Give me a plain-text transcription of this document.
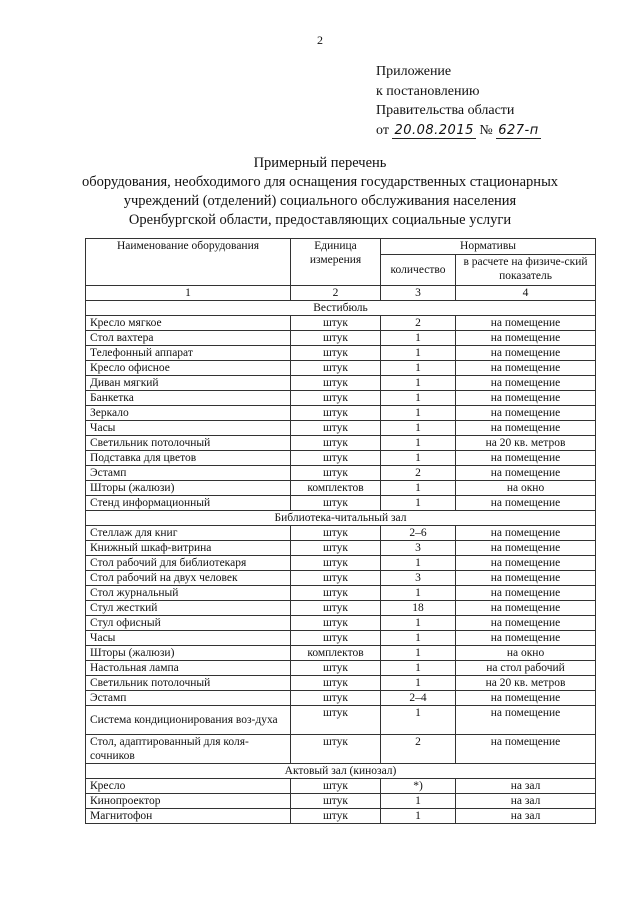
2
Приложение
к постановлению
Правительства области
от 20.08.2015 № 627-п
Примерный перечень
оборудования, необходимого для оснащения государственных стационарных
учреждений (отделений) социального обслуживания населения
Оренбургской области, предоставляющих социальные услуги
Наименование оборудования	Единица измерения	Нормативы	
		количество	в расчете на физиче-ский показатель
1	2	3	4
Вестибюль			
Кресло мягкое	штук	2	на помещение
Стол вахтера	штук	1	на помещение
Телефонный аппарат	штук	1	на помещение
Кресло офисное	штук	1	на помещение
Диван мягкий	штук	1	на помещение
Банкетка	штук	1	на помещение
Зеркало	штук	1	на помещение
Часы	штук	1	на помещение
Светильник потолочный	штук	1	на 20 кв. метров
Подставка для цветов	штук	1	на помещение
Эстамп	штук	2	на помещение
Шторы (жалюзи)	комплектов	1	на окно
Стенд информационный	штук	1	на помещение
Библиотека-читальный зал			
Стеллаж для книг	штук	2–6	на помещение
Книжный шкаф-витрина	штук	3	на помещение
Стол рабочий для библиотекаря	штук	1	на помещение
Стол рабочий на двух человек	штук	3	на помещение
Стол журнальный	штук	1	на помещение
Стул жесткий	штук	18	на помещение
Стул офисный	штук	1	на помещение
Часы	штук	1	на помещение
Шторы (жалюзи)	комплектов	1	на окно
Настольная лампа	штук	1	на стол рабочий
Светильник потолочный	штук	1	на 20 кв. метров
Эстамп	штук	2–4	на помещение
Система кондиционирования воз-духа	штук	1	на помещение
Стол, адаптированный для коля-сочников	штук	2	на помещение
Актовый зал (кинозал)			
Кресло	штук	*)	на зал
Кинопроектор	штук	1	на зал
Магнитофон	штук	1	на зал
